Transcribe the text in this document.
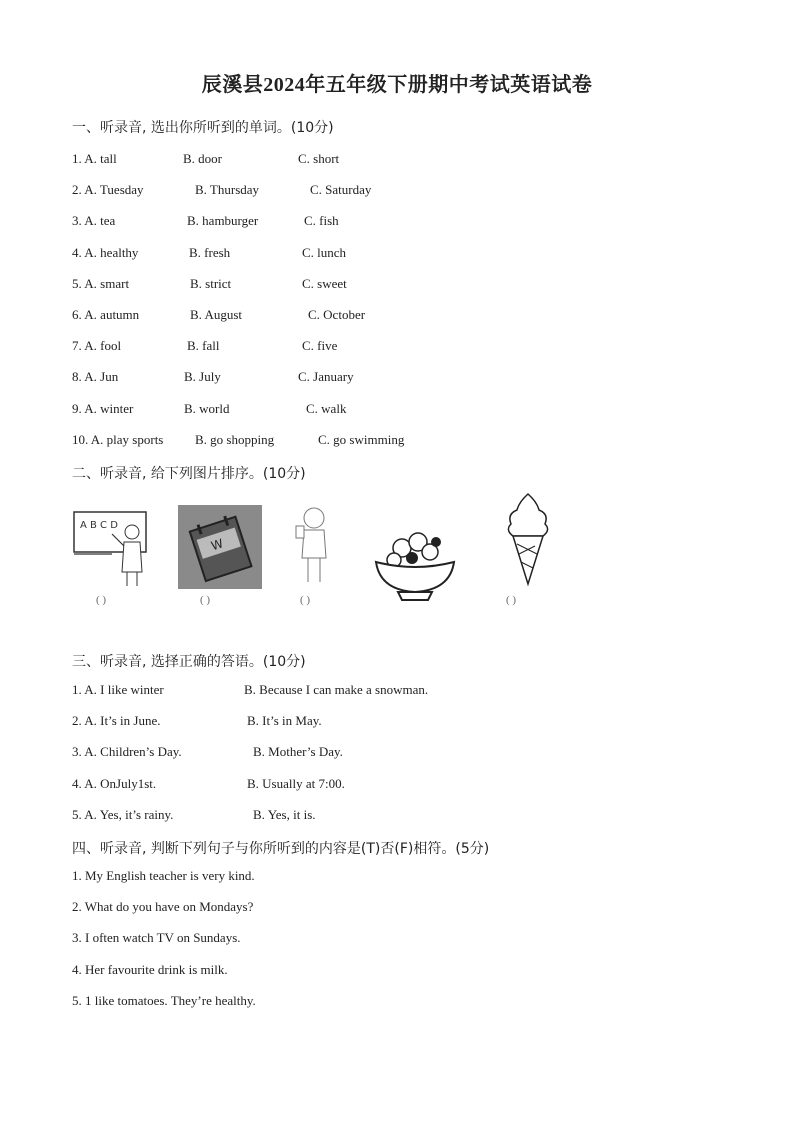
辰溪县2024年五年级下册期中考试英语试卷
一、听录音, 选出你所听到的单词。(10分)
1. A. tall	B. door	C. short
2. A. Tuesday	B. Thursday	C. Saturday
3. A. tea	B. hamburger	C. fish
4. A. healthy	B. fresh	C. lunch
5. A. smart	B. strict	C. sweet
6. A. autumn	B. August	C. October
7. A. fool	B. fall	C. five
8. A. Jun	B. July	C. January
9. A. winter	B. world	C. walk
10. A. play sports B. go shopping	C. go swimming
二、听录音, 给下列图片排序。(10分)
A B C D
W
( )	( )	( )	( )
三、听录音, 选择正确的答语。(10分)
1. A. I like winter	B. Because I can make a snowman.
2. A. It’s in June.	B. It’s in May.
3. A. Children’s Day.	B. Mother’s Day.
4. A. OnJuly1st.	B. Usually at 7:00.
5. A. Yes, it’s rainy.	B. Yes, it is.
四、听录音, 判断下列句子与你所听到的内容是(T)否(F)相符。(5分)
1. My English teacher is very kind.
2. What do you have on Mondays?
3. I often watch TV on Sundays.
4. Her favourite drink is milk.
5. 1 like tomatoes. They’re healthy.
